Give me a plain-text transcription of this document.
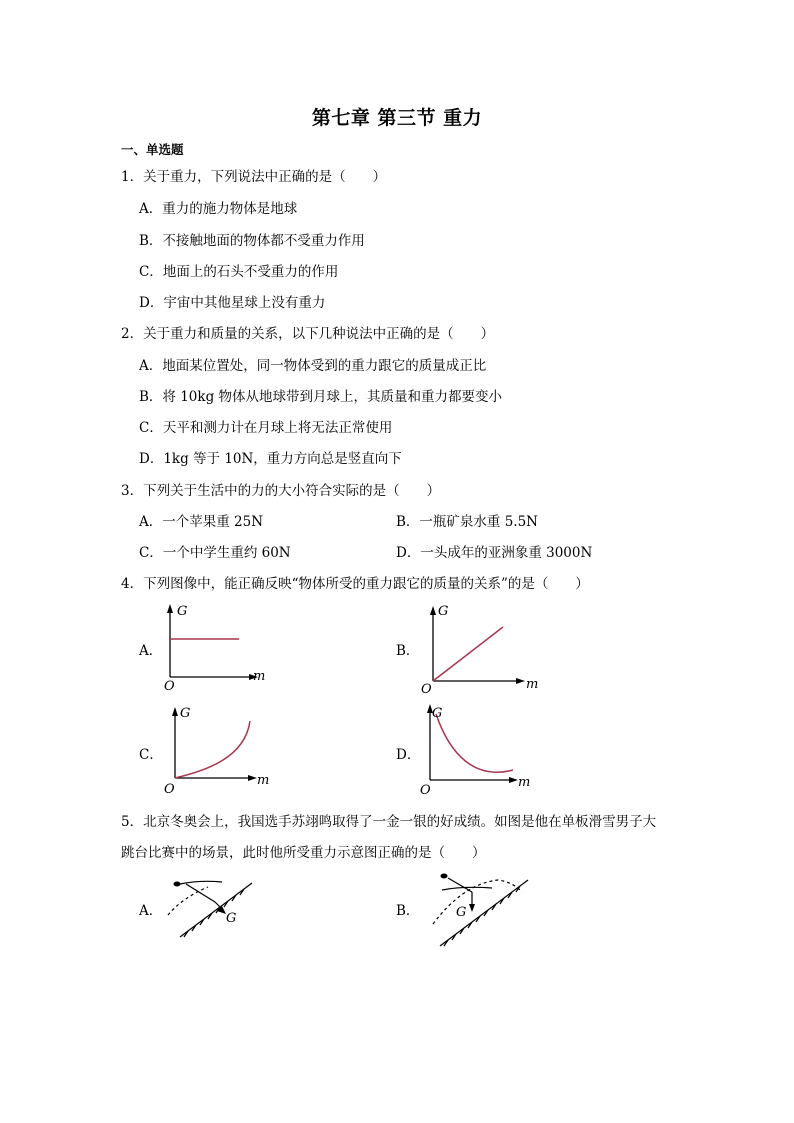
第七章 第三节 重力
一、单选题
1．关于重力，下列说法中正确的是（　　）
A．重力的施力物体是地球
B．不接触地面的物体都不受重力作用
C．地面上的石头不受重力的作用
D．宇宙中其他星球上没有重力
2．关于重力和质量的关系，以下几种说法中正确的是（　　）
A．地面某位置处，同一物体受到的重力跟它的质量成正比
B．将 10kg 物体从地球带到月球上，其质量和重力都要变小
C．天平和测力计在月球上将无法正常使用
D．1kg 等于 10N，重力方向总是竖直向下
3．下列关于生活中的力的大小符合实际的是（　　）
A．一个苹果重 25N	B．一瓶矿泉水重 5.5N
C．一个中学生重约 60N	D．一头成年的亚洲象重 3000N
4．下列图像中，能正确反映“物体所受的重力跟它的质量的关系”的是（　　）
A．
G
m
O
B．
G
m
O
C．
G
m
O
D．
G
m
O
5．北京冬奥会上，我国选手苏翊鸣取得了一金一银的好成绩。如图是他在单板滑雪男子大
跳台比赛中的场景，此时他所受重力示意图正确的是（　　）
A．	G	B．	G
